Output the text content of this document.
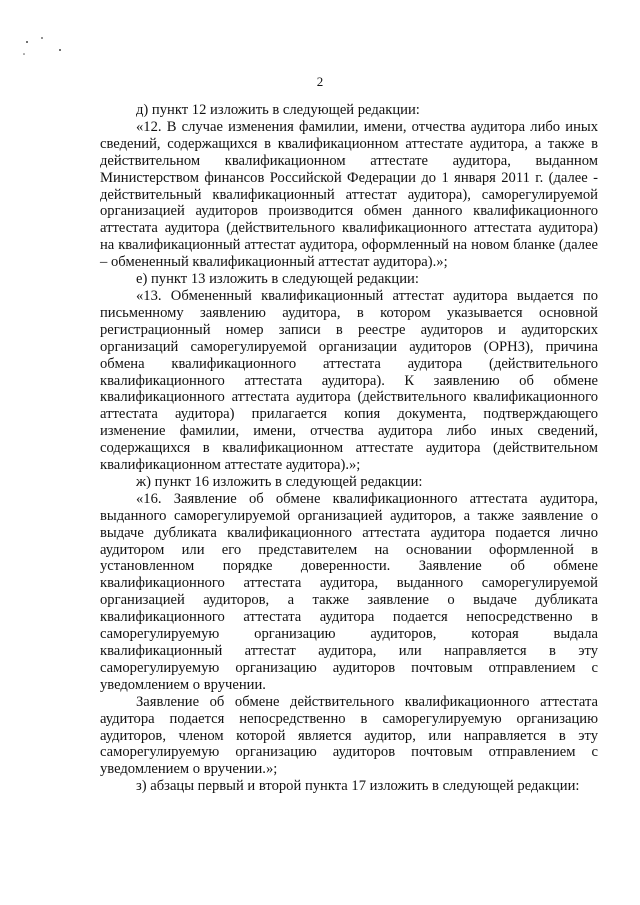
2

д) пункт 12 изложить в следующей редакции:

«12. В случае изменения фамилии, имени, отчества аудитора либо иных сведений, содержащихся в квалификационном аттестате аудитора, а также в действительном квалификационном аттестате аудитора, выданном Министерством финансов Российской Федерации до 1 января 2011 г. (далее - действительный квалификационный аттестат аудитора), саморегулируемой организацией аудиторов производится обмен данного квалификационного аттестата аудитора (действительного квалификационного аттестата аудитора) на квалификационный аттестат аудитора, оформленный на новом бланке (далее – обмененный квалификационный аттестат аудитора).»;

е) пункт 13 изложить в следующей редакции:

«13. Обмененный квалификационный аттестат аудитора выдается по письменному заявлению аудитора, в котором указывается основной регистрационный номер записи в реестре аудиторов и аудиторских организаций саморегулируемой организации аудиторов (ОРНЗ), причина обмена квалификационного аттестата аудитора (действительного квалификационного аттестата аудитора). К заявлению об обмене квалификационного аттестата аудитора (действительного квалификационного аттестата аудитора) прилагается копия документа, подтверждающего изменение фамилии, имени, отчества аудитора либо иных сведений, содержащихся в квалификационном аттестате аудитора (действительном квалификационном аттестате аудитора).»;

ж) пункт 16 изложить в следующей редакции:

«16. Заявление об обмене квалификационного аттестата аудитора, выданного саморегулируемой организацией аудиторов, а также заявление о выдаче дубликата квалификационного аттестата аудитора подается лично аудитором или его представителем на основании оформленной в установленном порядке доверенности. Заявление об обмене квалификационного аттестата аудитора, выданного саморегулируемой организацией аудиторов, а также заявление о выдаче дубликата квалификационного аттестата аудитора подается непосредственно в саморегулируемую организацию аудиторов, которая выдала квалификационный аттестат аудитора, или направляется в эту саморегулируемую организацию аудиторов почтовым отправлением с уведомлением о вручении.

Заявление об обмене действительного квалификационного аттестата аудитора подается непосредственно в саморегулируемую организацию аудиторов, членом которой является аудитор, или направляется в эту саморегулируемую организацию аудиторов почтовым отправлением с уведомлением о вручении.»;

з) абзацы первый и второй пункта 17 изложить в следующей редакции:
